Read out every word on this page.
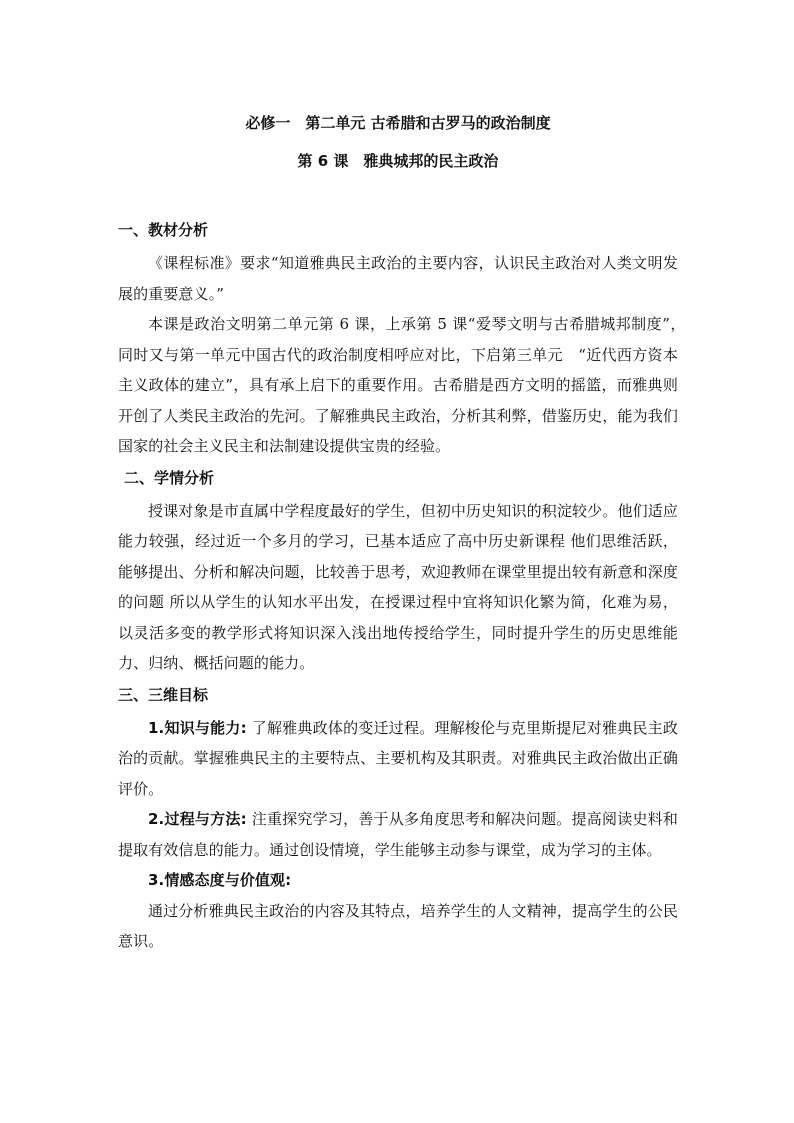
必修一　第二单元 古希腊和古罗马的政治制度
第 6 课　雅典城邦的民主政治
一、教材分析

《课程标准》要求“知道雅典民主政治的主要内容，认识民主政治对人类文明发展的重要意义。”

本课是政治文明第二单元第 6 课，上承第 5 课“爱琴文明与古希腊城邦制度”，　同时又与第一单元中国古代的政治制度相呼应对比，下启第三单元　“近代西方资本主义政体的建立”，具有承上启下的重要作用。古希腊是西方文明的摇篮，而雅典则开创了人类民主政治的先河。了解雅典民主政治，分析其利弊，借鉴历史，能为我们国家的社会主义民主和法制建设提供宝贵的经验。

二、学情分析

授课对象是市直属中学程度最好的学生，但初中历史知识的积淀较少。他们适应能力较强，经过近一个多月的学习，已基本适应了高中历史新课程 他们思维活跃，能够提出、分析和解决问题，比较善于思考，欢迎教师在课堂里提出较有新意和深度的问题 所以从学生的认知水平出发，在授课过程中宜将知识化繁为简，化难为易，以灵活多变的教学形式将知识深入浅出地传授给学生，同时提升学生的历史思维能力、归纳、概括问题的能力。

三、三维目标

1.知识与能力: 了解雅典政体的变迁过程。理解梭伦与克里斯提尼对雅典民主政治的贡献。掌握雅典民主的主要特点、主要机构及其职责。对雅典民主政治做出正确评价。

2.过程与方法: 注重探究学习，善于从多角度思考和解决问题。提高阅读史料和提取有效信息的能力。通过创设情境，学生能够主动参与课堂，成为学习的主体。

3.情感态度与价值观:

通过分析雅典民主政治的内容及其特点，培养学生的人文精神，提高学生的公民意识。
